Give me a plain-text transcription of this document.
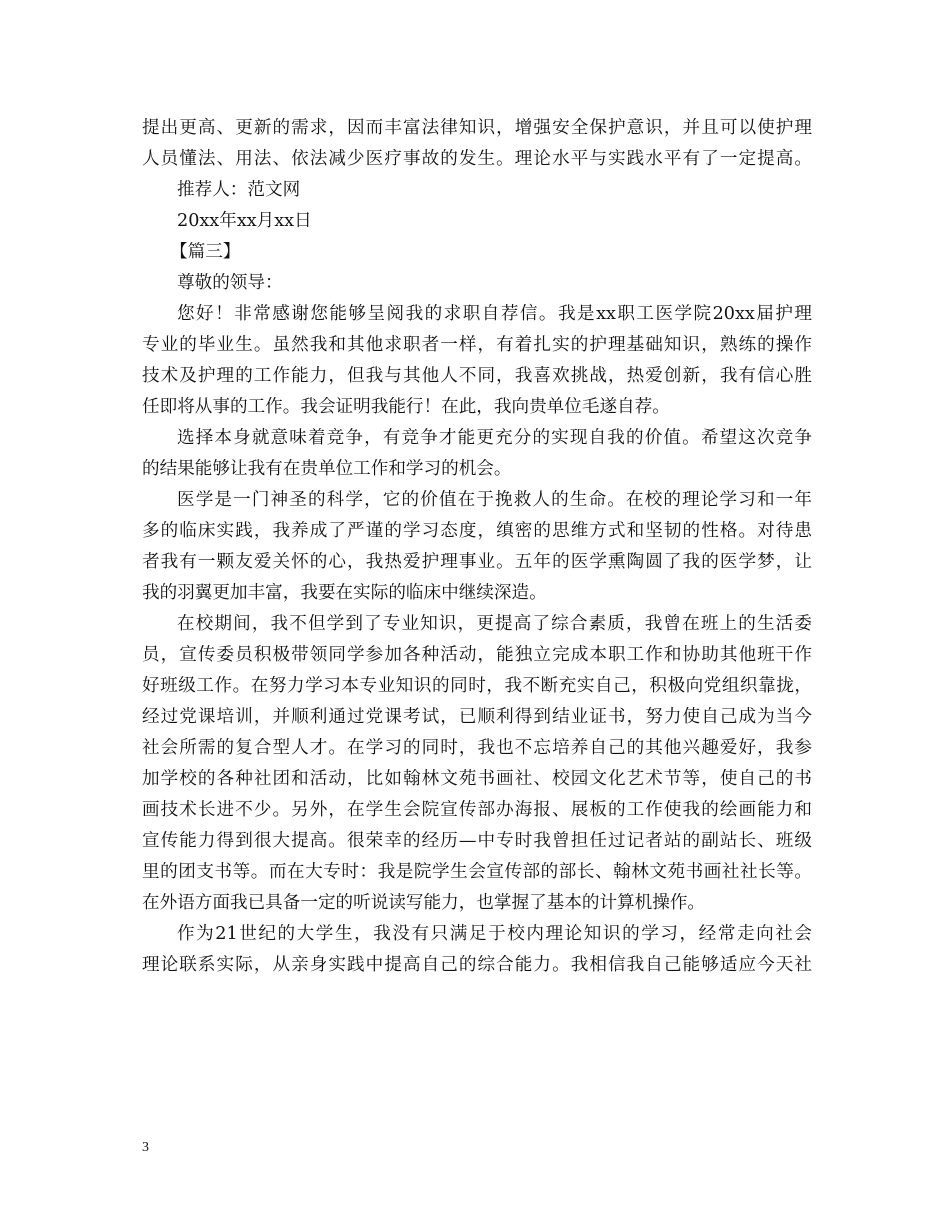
提出更高、更新的需求，因而丰富法律知识，增强安全保护意识，并且可以使护理
人员懂法、用法、依法减少医疗事故的发生。理论水平与实践水平有了一定提高。
推荐人：范文网
20xx年xx月xx日
【篇三】
尊敬的领导：
您好！非常感谢您能够呈阅我的求职自荐信。我是xx职工医学院20xx届护理
专业的毕业生。虽然我和其他求职者一样，有着扎实的护理基础知识，熟练的操作
技术及护理的工作能力，但我与其他人不同，我喜欢挑战，热爱创新，我有信心胜
任即将从事的工作。我会证明我能行！在此，我向贵单位毛遂自荐。
选择本身就意味着竞争，有竞争才能更充分的实现自我的价值。希望这次竞争
的结果能够让我有在贵单位工作和学习的机会。
医学是一门神圣的科学，它的价值在于挽救人的生命。在校的理论学习和一年
多的临床实践，我养成了严谨的学习态度，缜密的思维方式和坚韧的性格。对待患
者我有一颗友爱关怀的心，我热爱护理事业。五年的医学熏陶圆了我的医学梦，让
我的羽翼更加丰富，我要在实际的临床中继续深造。
在校期间，我不但学到了专业知识，更提高了综合素质，我曾在班上的生活委
员，宣传委员积极带领同学参加各种活动，能独立完成本职工作和协助其他班干作
好班级工作。在努力学习本专业知识的同时，我不断充实自己，积极向党组织靠拢，
经过党课培训，并顺利通过党课考试，已顺利得到结业证书，努力使自己成为当今
社会所需的复合型人才。在学习的同时，我也不忘培养自己的其他兴趣爱好，我参
加学校的各种社团和活动，比如翰林文苑书画社、校园文化艺术节等，使自己的书
画技术长进不少。另外，在学生会院宣传部办海报、展板的工作使我的绘画能力和
宣传能力得到很大提高。很荣幸的经历—中专时我曾担任过记者站的副站长、班级
里的团支书等。而在大专时：我是院学生会宣传部的部长、翰林文苑书画社社长等。
在外语方面我已具备一定的听说读写能力，也掌握了基本的计算机操作。
作为21世纪的大学生，我没有只满足于校内理论知识的学习，经常走向社会
理论联系实际，从亲身实践中提高自己的综合能力。我相信我自己能够适应今天社
3
